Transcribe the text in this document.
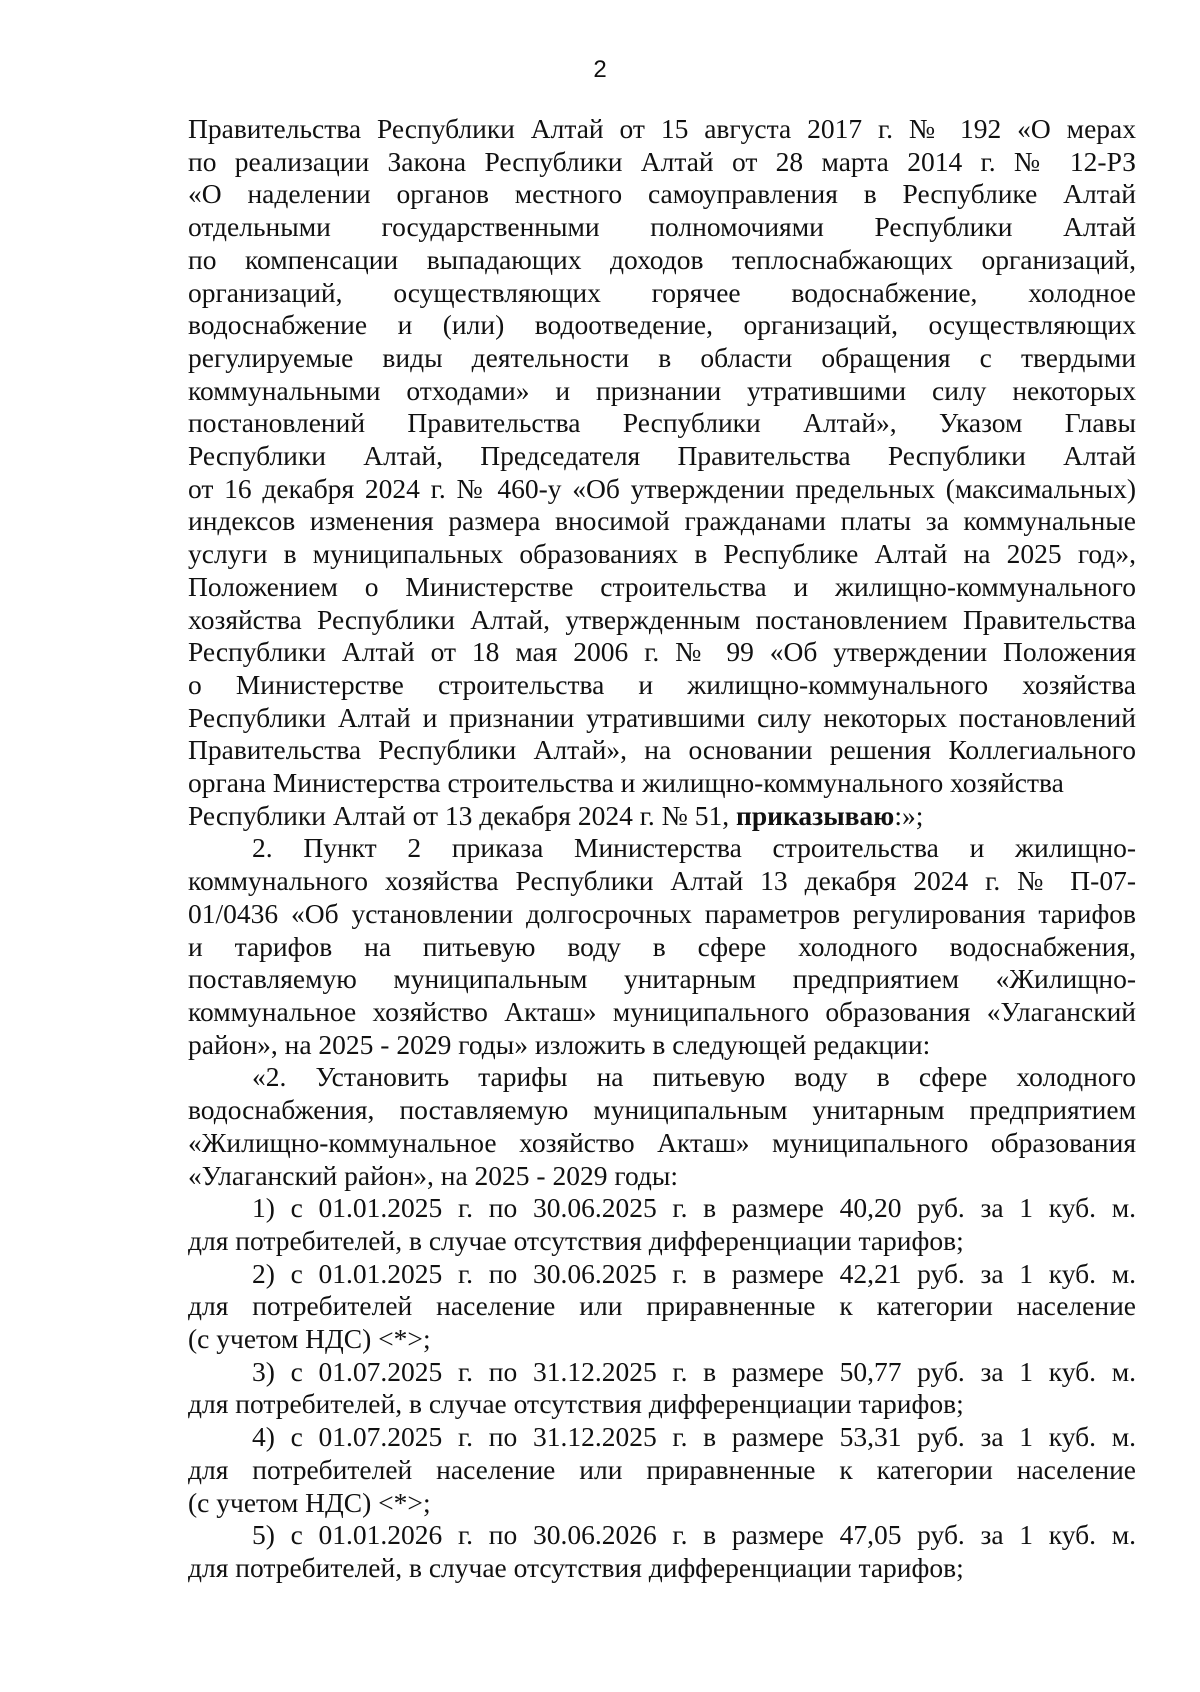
2
Правительства Республики Алтай от 15 августа 2017 г. № 192 «О мерах
по реализации Закона Республики Алтай от 28 марта 2014 г. № 12-РЗ
«О наделении органов местного самоуправления в Республике Алтай
отдельными государственными полномочиями Республики Алтай
по компенсации выпадающих доходов теплоснабжающих организаций,
организаций, осуществляющих горячее водоснабжение, холодное
водоснабжение и (или) водоотведение, организаций, осуществляющих
регулируемые виды деятельности в области обращения с твердыми
коммунальными отходами» и признании утратившими силу некоторых
постановлений Правительства Республики Алтай», Указом Главы
Республики Алтай, Председателя Правительства Республики Алтай
от 16 декабря 2024 г. № 460-у «Об утверждении предельных (максимальных)
индексов изменения размера вносимой гражданами платы за коммунальные
услуги в муниципальных образованиях в Республике Алтай на 2025 год»,
Положением о Министерстве строительства и жилищно-коммунального
хозяйства Республики Алтай, утвержденным постановлением Правительства
Республики Алтай от 18 мая 2006 г. № 99 «Об утверждении Положения
о Министерстве строительства и жилищно-коммунального хозяйства
Республики Алтай и признании утратившими силу некоторых постановлений
Правительства Республики Алтай», на основании решения Коллегиального
органа Министерства строительства и жилищно-коммунального хозяйства
Республики Алтай от 13 декабря 2024 г. № 51, приказываю:»;
2. Пункт 2 приказа Министерства строительства и жилищно-
коммунального хозяйства Республики Алтай 13 декабря 2024 г. № П-07-
01/0436 «Об установлении долгосрочных параметров регулирования тарифов
и тарифов на питьевую воду в сфере холодного водоснабжения,
поставляемую муниципальным унитарным предприятием «Жилищно-
коммунальное хозяйство Акташ» муниципального образования «Улаганский
район», на 2025 - 2029 годы» изложить в следующей редакции:
«2. Установить тарифы на питьевую воду в сфере холодного
водоснабжения, поставляемую муниципальным унитарным предприятием
«Жилищно-коммунальное хозяйство Акташ» муниципального образования
«Улаганский район», на 2025 - 2029 годы:
1) с 01.01.2025 г. по 30.06.2025 г. в размере 40,20 руб. за 1 куб. м.
для потребителей, в случае отсутствия дифференциации тарифов;
2) с 01.01.2025 г. по 30.06.2025 г. в размере 42,21 руб. за 1 куб. м.
для потребителей население или приравненные к категории население
(с учетом НДС) <*>;
3) с 01.07.2025 г. по 31.12.2025 г. в размере 50,77 руб. за 1 куб. м.
для потребителей, в случае отсутствия дифференциации тарифов;
4) с 01.07.2025 г. по 31.12.2025 г. в размере 53,31 руб. за 1 куб. м.
для потребителей население или приравненные к категории население
(с учетом НДС) <*>;
5) с 01.01.2026 г. по 30.06.2026 г. в размере 47,05 руб. за 1 куб. м.
для потребителей, в случае отсутствия дифференциации тарифов;
